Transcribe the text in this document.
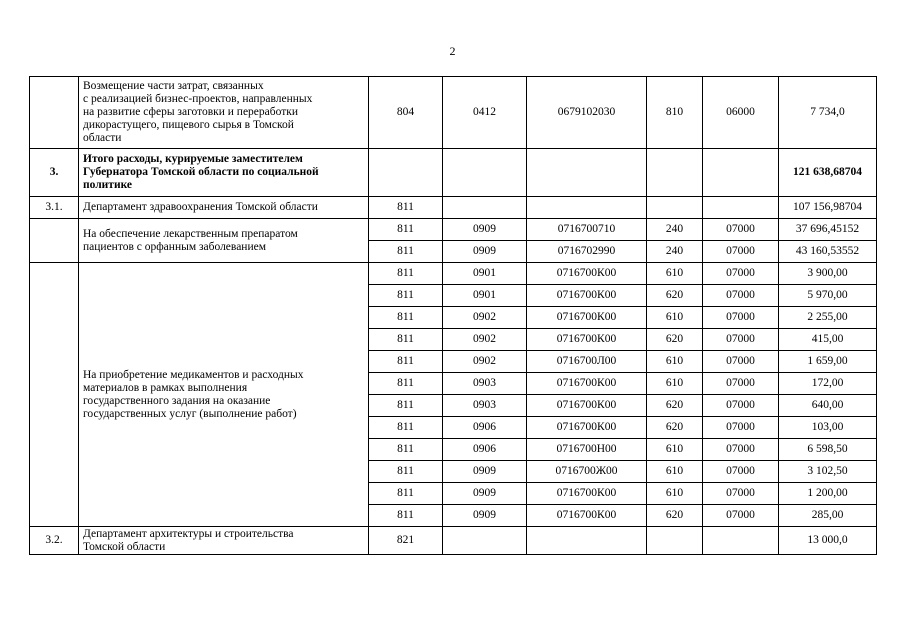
2

	Возмещение части затрат, связанных
с реализацией бизнес-проектов, направленных
на развитие сферы заготовки и переработки
дикорастущего, пищевого сырья в Томской
области	804	0412	0679102030	810	06000	7 734,0
3.	Итого расходы, курируемые заместителем
Губернатора Томской области по социальной
политике						121 638,68704
3.1.	Департамент здравоохранения Томской области	811					107 156,98704

	На обеспечение лекарственным препаратом
пациентов с орфанным заболеванием	811	0909	0716700710	240	07000	37 696,45152
		811	0909	0716702990	240	07000	43 160,53552

	На приобретение медикаментов и расходных
материалов в рамках выполнения
государственного задания на оказание
государственных услуг (выполнение работ)	811	0901	0716700К00	610	07000	3 900,00
		811	0901	0716700К00	620	07000	5 970,00
		811	0902	0716700К00	610	07000	2 255,00
		811	0902	0716700К00	620	07000	415,00
		811	0902	0716700Л00	610	07000	1 659,00
		811	0903	0716700К00	610	07000	172,00
		811	0903	0716700К00	620	07000	640,00
		811	0906	0716700К00	620	07000	103,00
		811	0906	0716700Н00	610	07000	6 598,50
		811	0909	0716700Ж00	610	07000	3 102,50
		811	0909	0716700К00	610	07000	1 200,00
		811	0909	0716700К00	620	07000	285,00
3.2.	Департамент архитектуры и строительства
Томской области	821					13 000,0
